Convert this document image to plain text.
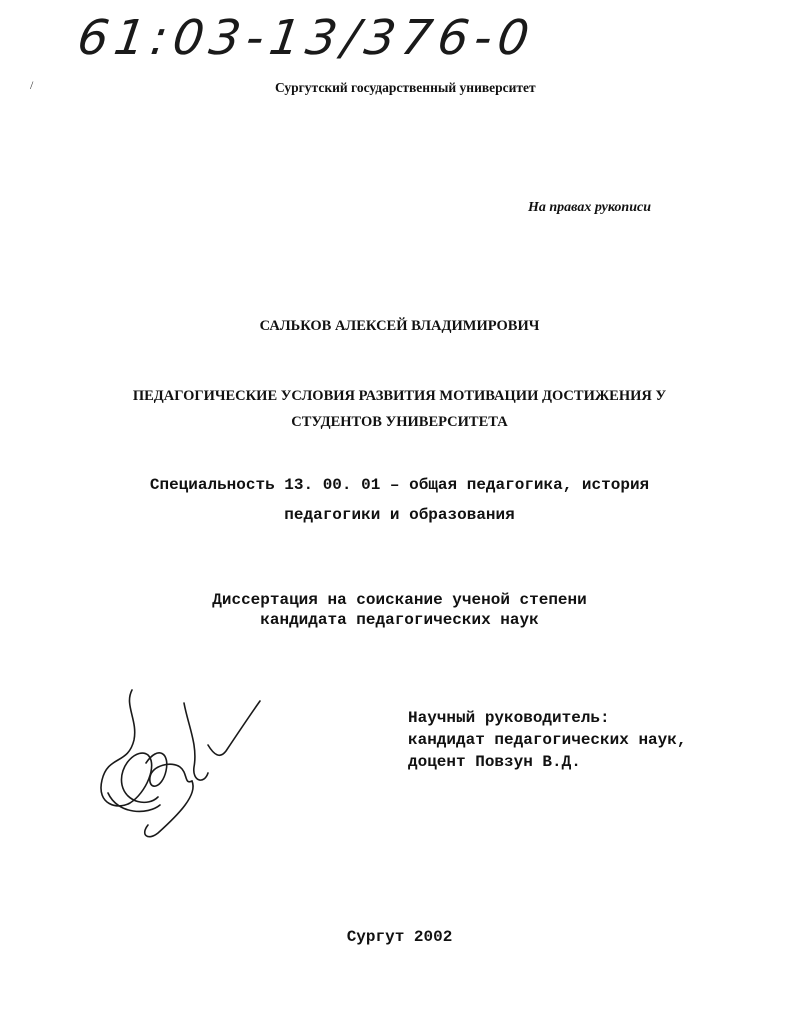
/
61:03-13/376-0
Сургутский государственный университет
На правах рукописи
САЛЬКОВ АЛЕКСЕЙ ВЛАДИМИРОВИЧ
ПЕДАГОГИЧЕСКИЕ УСЛОВИЯ РАЗВИТИЯ МОТИВАЦИИ ДОСТИЖЕНИЯ У
СТУДЕНТОВ УНИВЕРСИТЕТА
Специальность 13. 00. 01 – общая педагогика, история
педагогики и образования
Диссертация на соискание ученой степени
кандидата педагогических наук
Научный руководитель:
кандидат педагогических наук,
доцент Повзун В.Д.
Сургут 2002
